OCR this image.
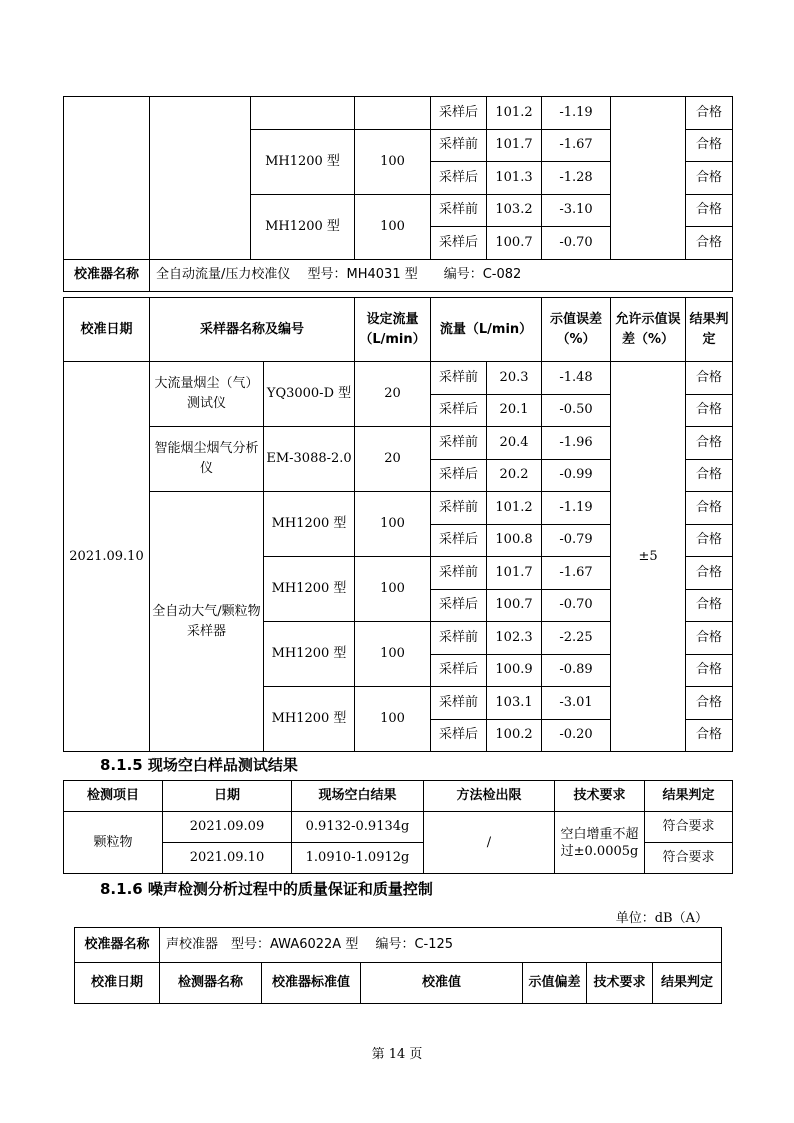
				采样后	101.2	-1.19		合格
		MH1200 型	100	采样前	101.7	-1.67		合格
				采样后	101.3	-1.28		合格
		MH1200 型	100	采样前	103.2	-3.10		合格
				采样后	100.7	-0.70		合格
校准器名称	全自动流量/压力校准仪　 型号：MH4031 型　　编号：C-082							
校准日期	采样器名称及编号		设定流量（L/min）	流量（L/min）		示值误差（%）	允许示值误差（%）	结果判定
2021.09.10	大流量烟尘（气）测试仪	YQ3000-D 型	20	采样前	20.3	-1.48	±5	合格
				采样后	20.1	-0.50		合格
	智能烟尘烟气分析仪	EM-3088-2.0	20	采样前	20.4	-1.96		合格
				采样后	20.2	-0.99		合格
	全自动大气/颗粒物采样器	MH1200 型	100	采样前	101.2	-1.19		合格
				采样后	100.8	-0.79		合格
		MH1200 型	100	采样前	101.7	-1.67		合格
				采样后	100.7	-0.70		合格
		MH1200 型	100	采样前	102.3	-2.25		合格
				采样后	100.9	-0.89		合格
		MH1200 型	100	采样前	103.1	-3.01		合格
				采样后	100.2	-0.20		合格
8.1.5 现场空白样品测试结果
检测项目	日期	现场空白结果	方法检出限	技术要求	结果判定
颗粒物	2021.09.09	0.9132-0.9134g	/	空白增重不超过±0.0005g	符合要求
	2021.09.10	1.0910-1.0912g			符合要求
8.1.6 噪声检测分析过程中的质量保证和质量控制
单位：dB（A）
校准器名称	声校准器　型号：AWA6022A 型　 编号：C-125					
校准日期	检测器名称	校准器标准值	校准值	示值偏差	技术要求	结果判定
第 14 页
